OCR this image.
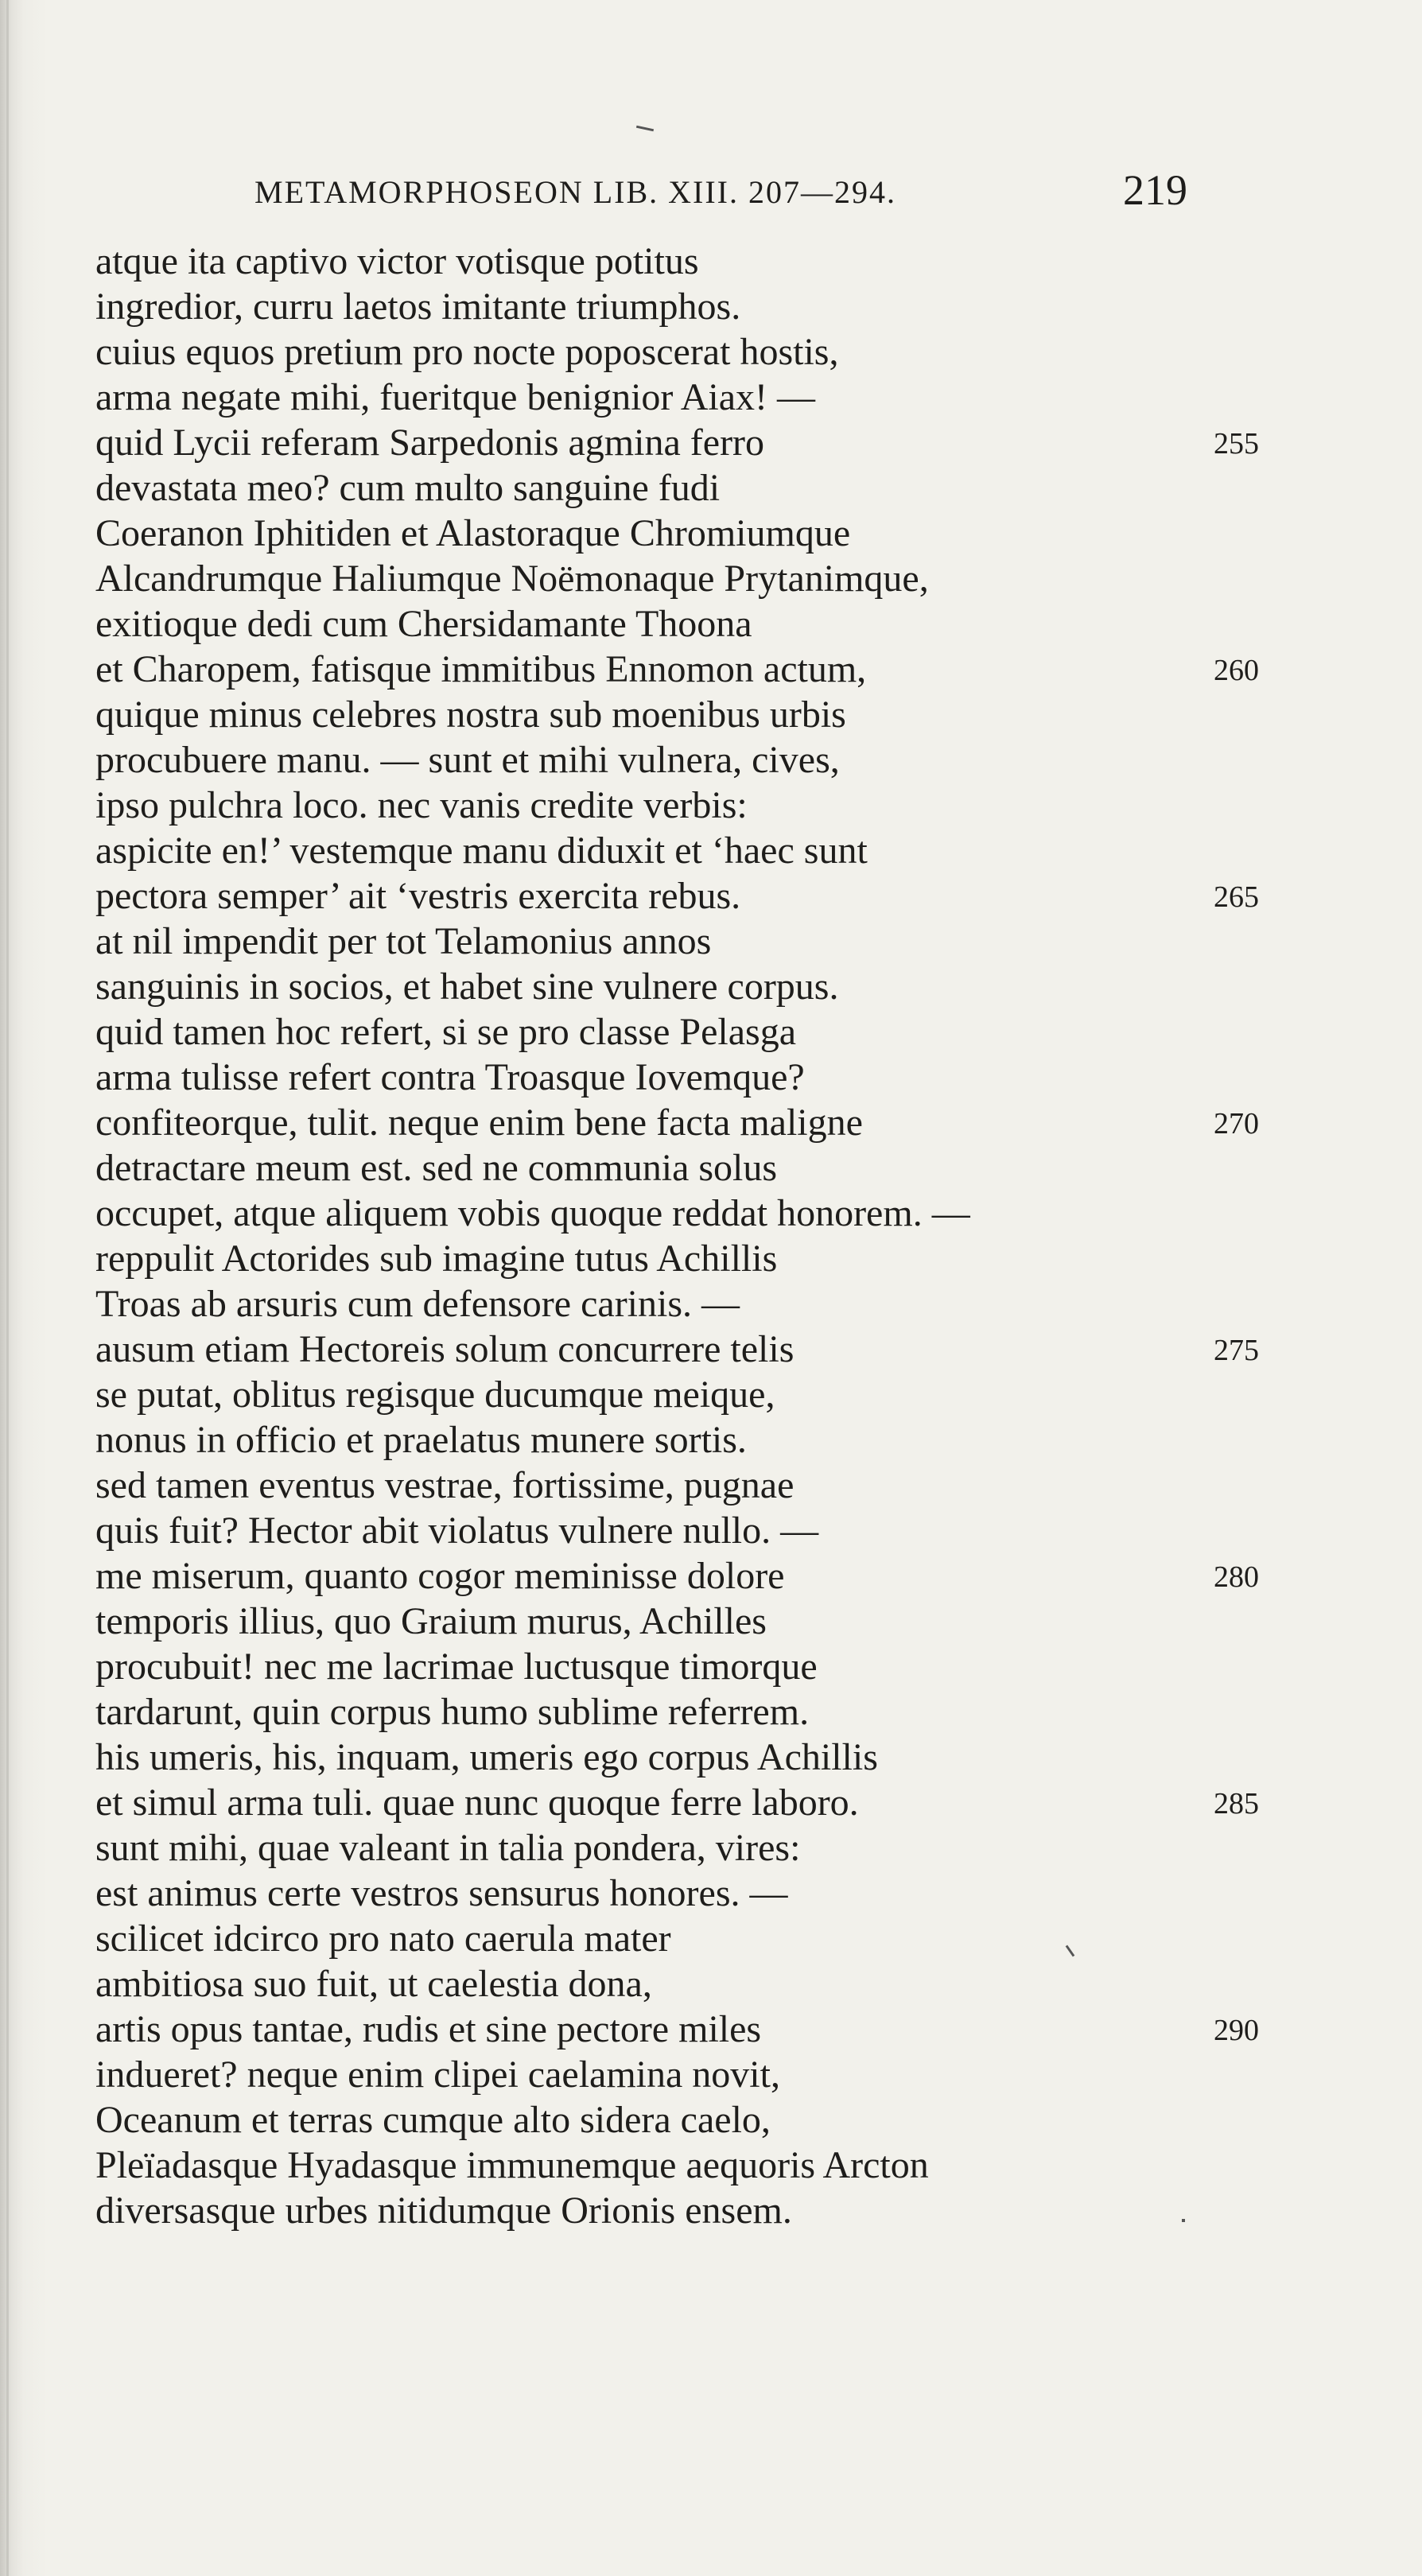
METAMORPHOSEON LIB. XIII. 207—294.	219
atque ita captivo victor votisque potitus
ingredior, curru laetos imitante triumphos.
cuius equos pretium pro nocte poposcerat hostis,
arma negate mihi, fueritque benignior Aiax! —
quid Lycii referam Sarpedonis agmina ferro	255
devastata meo? cum multo sanguine fudi
Coeranon Iphitiden et Alastoraque Chromiumque
Alcandrumque Haliumque Noëmonaque Prytanimque,
exitioque dedi cum Chersidamante Thoona
et Charopem, fatisque immitibus Ennomon actum,	260
quique minus celebres nostra sub moenibus urbis
procubuere manu. — sunt et mihi vulnera, cives,
ipso pulchra loco. nec vanis credite verbis:
aspicite en!’ vestemque manu diduxit et ‘haec sunt
pectora semper’ ait ‘vestris exercita rebus.	265
at nil impendit per tot Telamonius annos
sanguinis in socios, et habet sine vulnere corpus.
quid tamen hoc refert, si se pro classe Pelasga
arma tulisse refert contra Troasque Iovemque?
confiteorque, tulit. neque enim bene facta maligne	270
detractare meum est. sed ne communia solus
occupet, atque aliquem vobis quoque reddat honorem. —
reppulit Actorides sub imagine tutus Achillis
Troas ab arsuris cum defensore carinis. —
ausum etiam Hectoreis solum concurrere telis	275
se putat, oblitus regisque ducumque meique,
nonus in officio et praelatus munere sortis.
sed tamen eventus vestrae, fortissime, pugnae
quis fuit? Hector abit violatus vulnere nullo. —
me miserum, quanto cogor meminisse dolore	280
temporis illius, quo Graium murus, Achilles
procubuit! nec me lacrimae luctusque timorque
tardarunt, quin corpus humo sublime referrem.
his umeris, his, inquam, umeris ego corpus Achillis
et simul arma tuli. quae nunc quoque ferre laboro.	285
sunt mihi, quae valeant in talia pondera, vires:
est animus certe vestros sensurus honores. —
scilicet idcirco pro nato caerula mater
ambitiosa suo fuit, ut caelestia dona,
artis opus tantae, rudis et sine pectore miles	290
indueret? neque enim clipei caelamina novit,
Oceanum et terras cumque alto sidera caelo,
Pleïadasque Hyadasque immunemque aequoris Arcton
diversasque urbes nitidumque Orionis ensem.
